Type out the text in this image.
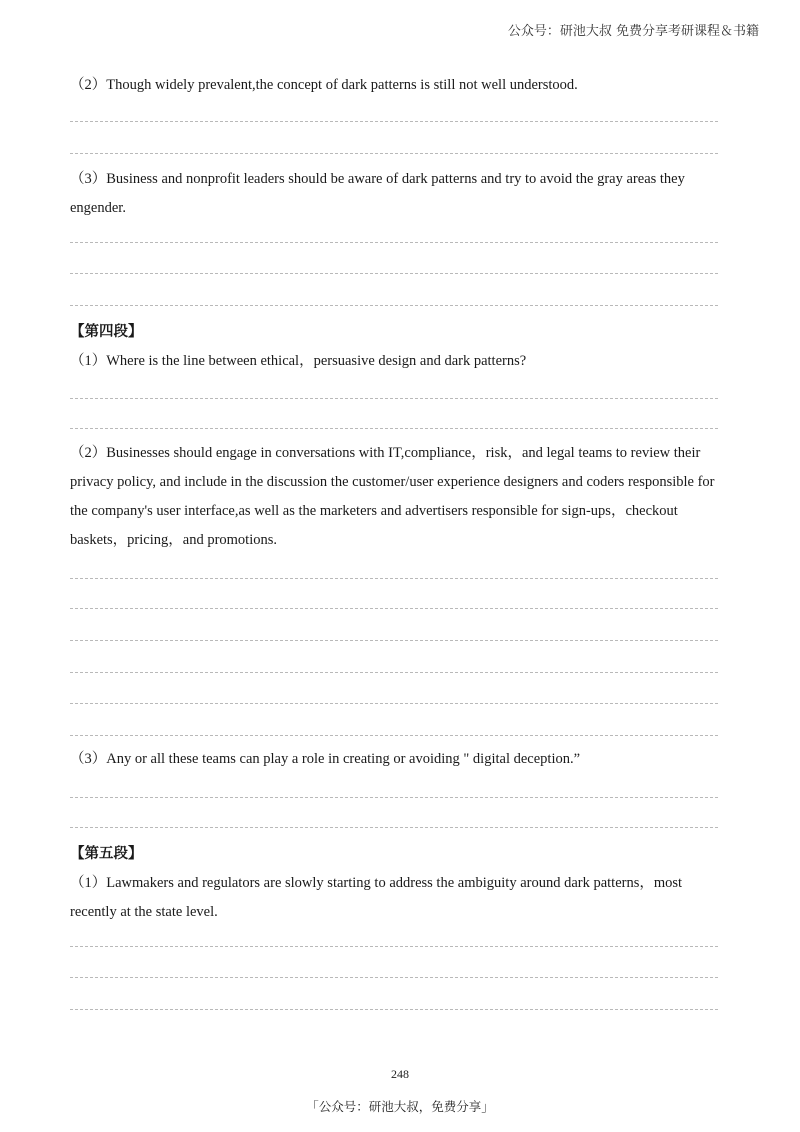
公众号：研池大叔 免费分享考研课程＆书籍
（2）Though widely prevalent,the concept of dark patterns is still not well understood.
（3）Business and nonprofit leaders should be aware of dark patterns and try to avoid the gray areas they engender.
【第四段】
（1）Where is the line between ethical，persuasive design and dark patterns?
（2）Businesses should engage in conversations with IT,compliance，risk，and legal teams to review their privacy policy, and include in the discussion the customer/user experience designers and coders responsible for the company's user interface,as well as the marketers and advertisers responsible for sign-ups，checkout baskets，pricing，and promotions.
（3）Any or all these teams can play a role in creating or avoiding " digital deception.”
【第五段】
（1）Lawmakers and regulators are slowly starting to address the ambiguity around dark patterns，most recently at the state level.
248
「公众号：研池大叔，免费分享」
